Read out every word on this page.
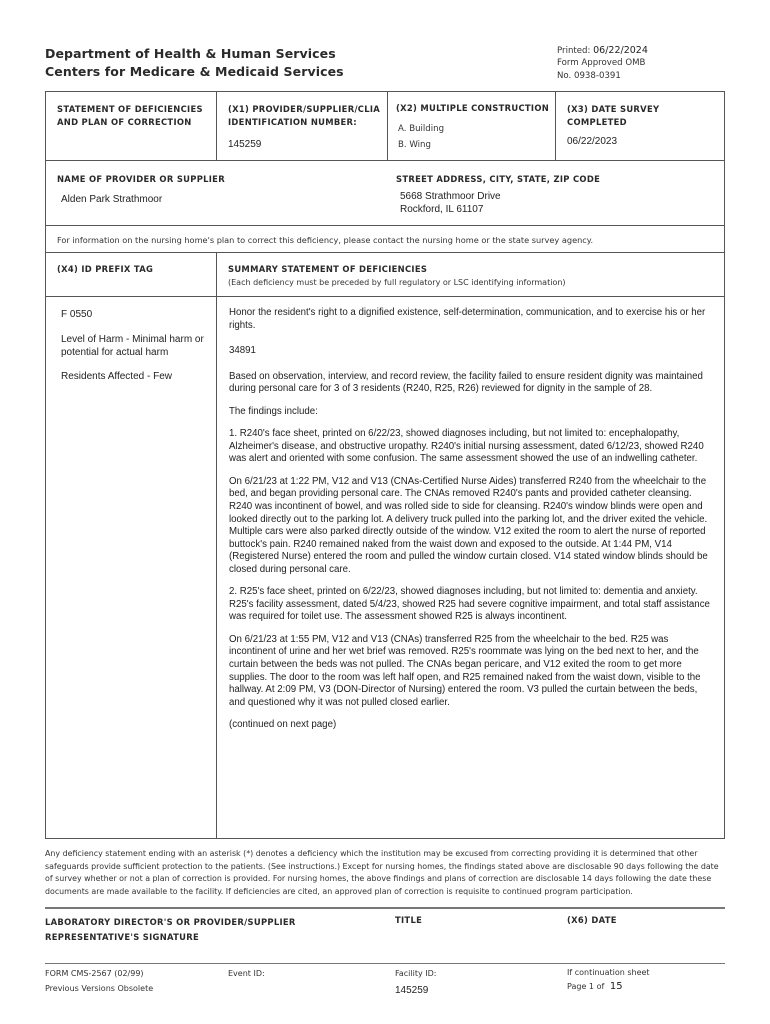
Department of Health & Human Services
Centers for Medicare & Medicaid Services
Printed: 06/22/2024
Form Approved OMB
No. 0938-0391
STATEMENT OF DEFICIENCIES
AND PLAN OF CORRECTION
(X1) PROVIDER/SUPPLIER/CLIA
IDENTIFICATION NUMBER:
145259
(X2) MULTIPLE CONSTRUCTION
A. Building
B. Wing
(X3) DATE SURVEY
COMPLETED
06/22/2023
NAME OF PROVIDER OR SUPPLIER
Alden Park Strathmoor
STREET ADDRESS, CITY, STATE, ZIP CODE
5668 Strathmoor Drive
Rockford, IL 61107
For information on the nursing home's plan to correct this deficiency, please contact the nursing home or the state survey agency.
(X4) ID PREFIX TAG	SUMMARY STATEMENT OF DEFICIENCIES
(Each deficiency must be preceded by full regulatory or LSC identifying information)
F 0550
Level of Harm - Minimal harm or potential for actual harm
Residents Affected - Few

Honor the resident's right to a dignified existence, self-determination, communication, and to exercise his or her rights.

34891

Based on observation, interview, and record review, the facility failed to ensure resident dignity was maintained during personal care for 3 of 3 residents (R240, R25, R26) reviewed for dignity in the sample of 28.

The findings include:

1. R240's face sheet, printed on 6/22/23, showed diagnoses including, but not limited to: encephalopathy, Alzheimer's disease, and obstructive uropathy. R240's initial nursing assessment, dated 6/12/23, showed R240 was alert and oriented with some confusion. The same assessment showed the use of an indwelling catheter.

On 6/21/23 at 1:22 PM, V12 and V13 (CNAs-Certified Nurse Aides) transferred R240 from the wheelchair to the bed, and began providing personal care. The CNAs removed R240's pants and provided catheter cleansing. R240 was incontinent of bowel, and was rolled side to side for cleansing. R240's window blinds were open and looked directly out to the parking lot. A delivery truck pulled into the parking lot, and the driver exited the vehicle. Multiple cars were also parked directly outside of the window. V12 exited the room to alert the nurse of reported buttock's pain. R240 remained naked from the waist down and exposed to the outside. At 1:44 PM, V14 (Registered Nurse) entered the room and pulled the window curtain closed. V14 stated window blinds should be closed during personal care.

2. R25's face sheet, printed on 6/22/23, showed diagnoses including, but not limited to: dementia and anxiety. R25's facility assessment, dated 5/4/23, showed R25 had severe cognitive impairment, and total staff assistance was required for toilet use. The assessment showed R25 is always incontinent.

On 6/21/23 at 1:55 PM, V12 and V13 (CNAs) transferred R25 from the wheelchair to the bed. R25 was incontinent of urine and her wet brief was removed. R25's roommate was lying on the bed next to her, and the curtain between the beds was not pulled. The CNAs began pericare, and V12 exited the room to get more supplies. The door to the room was left half open, and R25 remained naked from the waist down, visible to the hallway. At 2:09 PM, V3 (DON-Director of Nursing) entered the room. V3 pulled the curtain between the beds, and questioned why it was not pulled closed earlier.

(continued on next page)

Any deficiency statement ending with an asterisk (*) denotes a deficiency which the institution may be excused from correcting providing it is determined that other safeguards provide sufficient protection to the patients. (See instructions.) Except for nursing homes, the findings stated above are disclosable 90 days following the date of survey whether or not a plan of correction is provided. For nursing homes, the above findings and plans of correction are disclosable 14 days following the date these documents are made available to the facility. If deficiencies are cited, an approved plan of correction is requisite to continued program participation.
LABORATORY DIRECTOR'S OR PROVIDER/SUPPLIER
REPRESENTATIVE'S SIGNATURE
TITLE	(X6) DATE
FORM CMS-2567 (02/99)
Previous Versions Obsolete
Event ID:	Facility ID:
145259
If continuation sheet
Page 1 of 15
